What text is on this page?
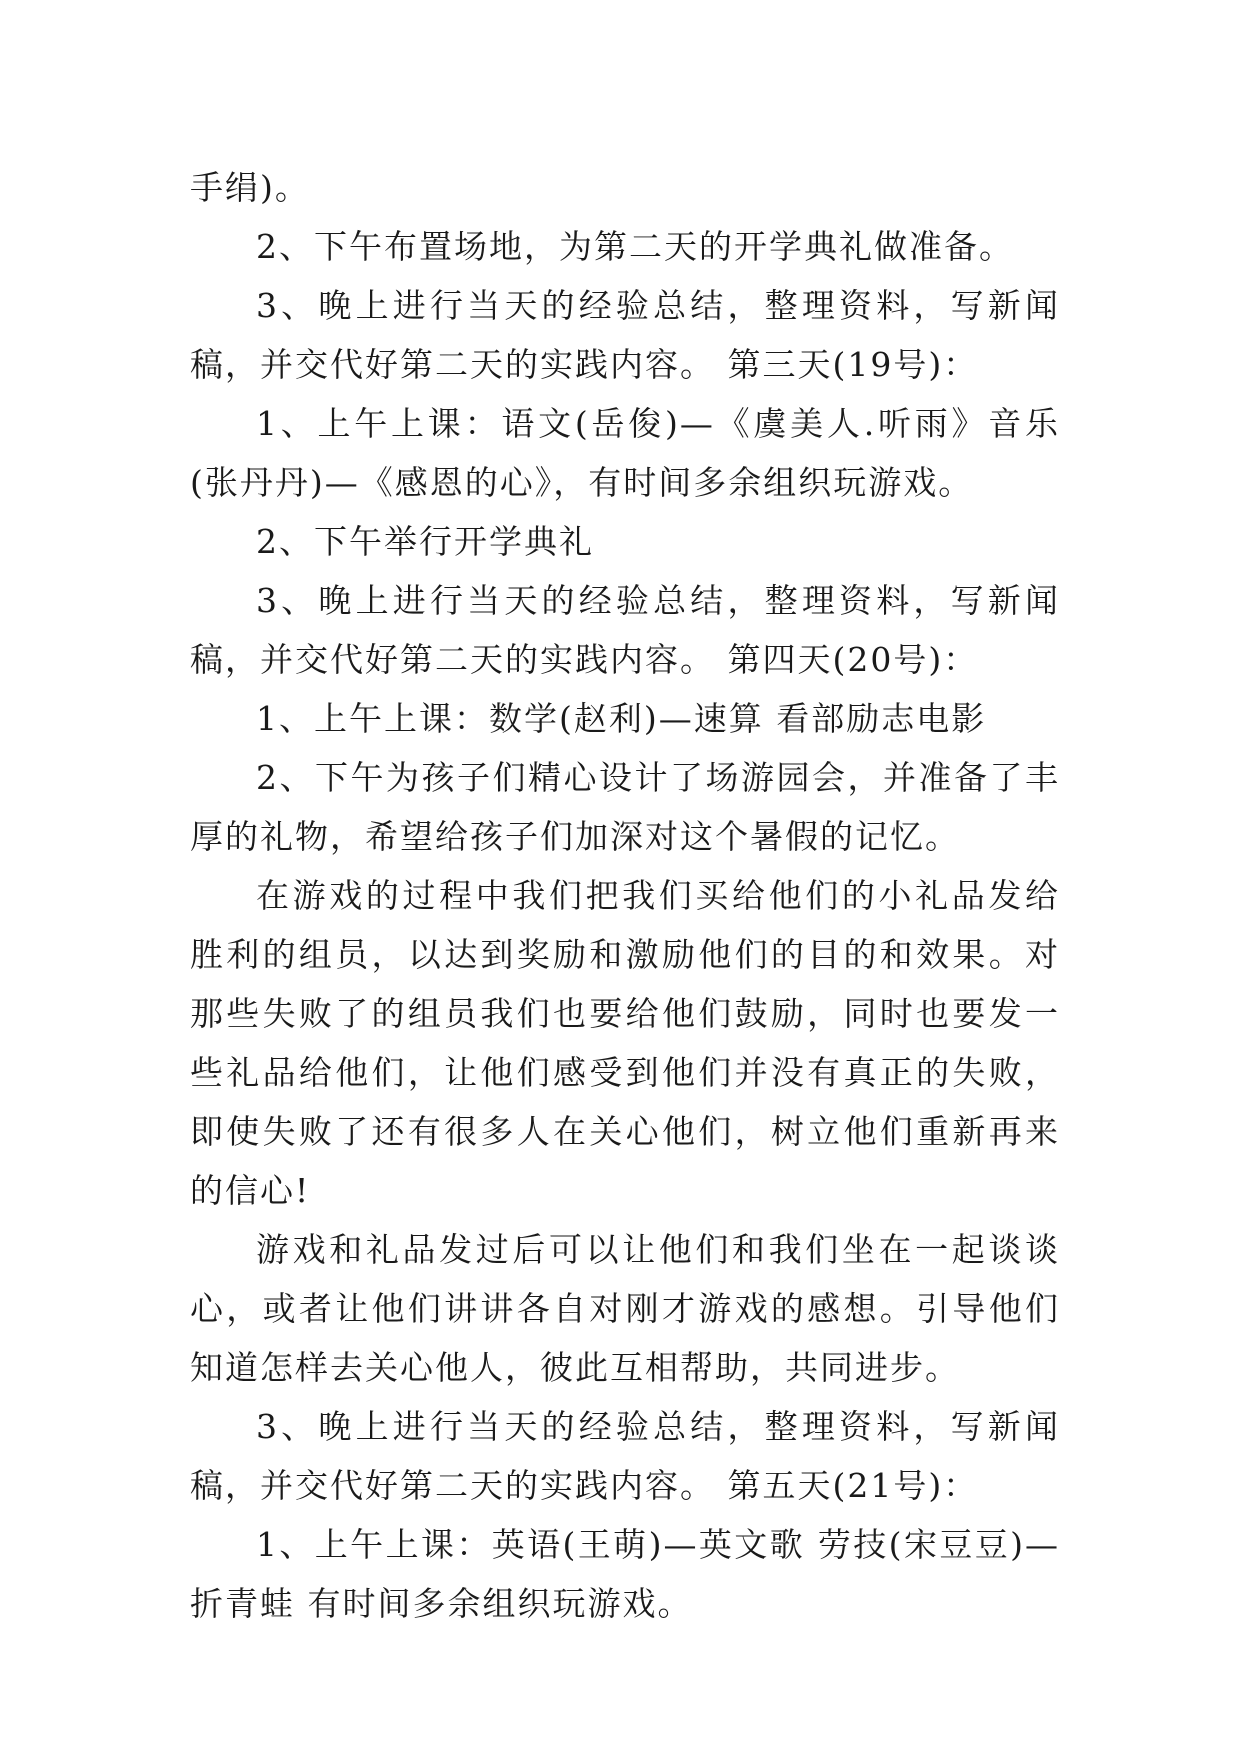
手绢)。

2、下午布置场地，为第二天的开学典礼做准备。

3、晚上进行当天的经验总结，整理资料，写新闻稿，并交代好第二天的实践内容。 第三天(19号)：

1、上午上课：语文(岳俊)—《虞美人.听雨》音乐(张丹丹)—《感恩的心》，有时间多余组织玩游戏。

2、下午举行开学典礼

3、晚上进行当天的经验总结，整理资料，写新闻稿，并交代好第二天的实践内容。 第四天(20号)：

1、上午上课：数学(赵利)—速算 看部励志电影

2、下午为孩子们精心设计了场游园会，并准备了丰厚的礼物，希望给孩子们加深对这个暑假的记忆。

在游戏的过程中我们把我们买给他们的小礼品发给胜利的组员，以达到奖励和激励他们的目的和效果。对那些失败了的组员我们也要给他们鼓励，同时也要发一些礼品给他们，让他们感受到他们并没有真正的失败，即使失败了还有很多人在关心他们，树立他们重新再来的信心!

游戏和礼品发过后可以让他们和我们坐在一起谈谈心，或者让他们讲讲各自对刚才游戏的感想。引导他们知道怎样去关心他人，彼此互相帮助，共同进步。

3、晚上进行当天的经验总结，整理资料，写新闻稿，并交代好第二天的实践内容。 第五天(21号)：

1、上午上课：英语(王萌)—英文歌 劳技(宋豆豆)—折青蛙 有时间多余组织玩游戏。
